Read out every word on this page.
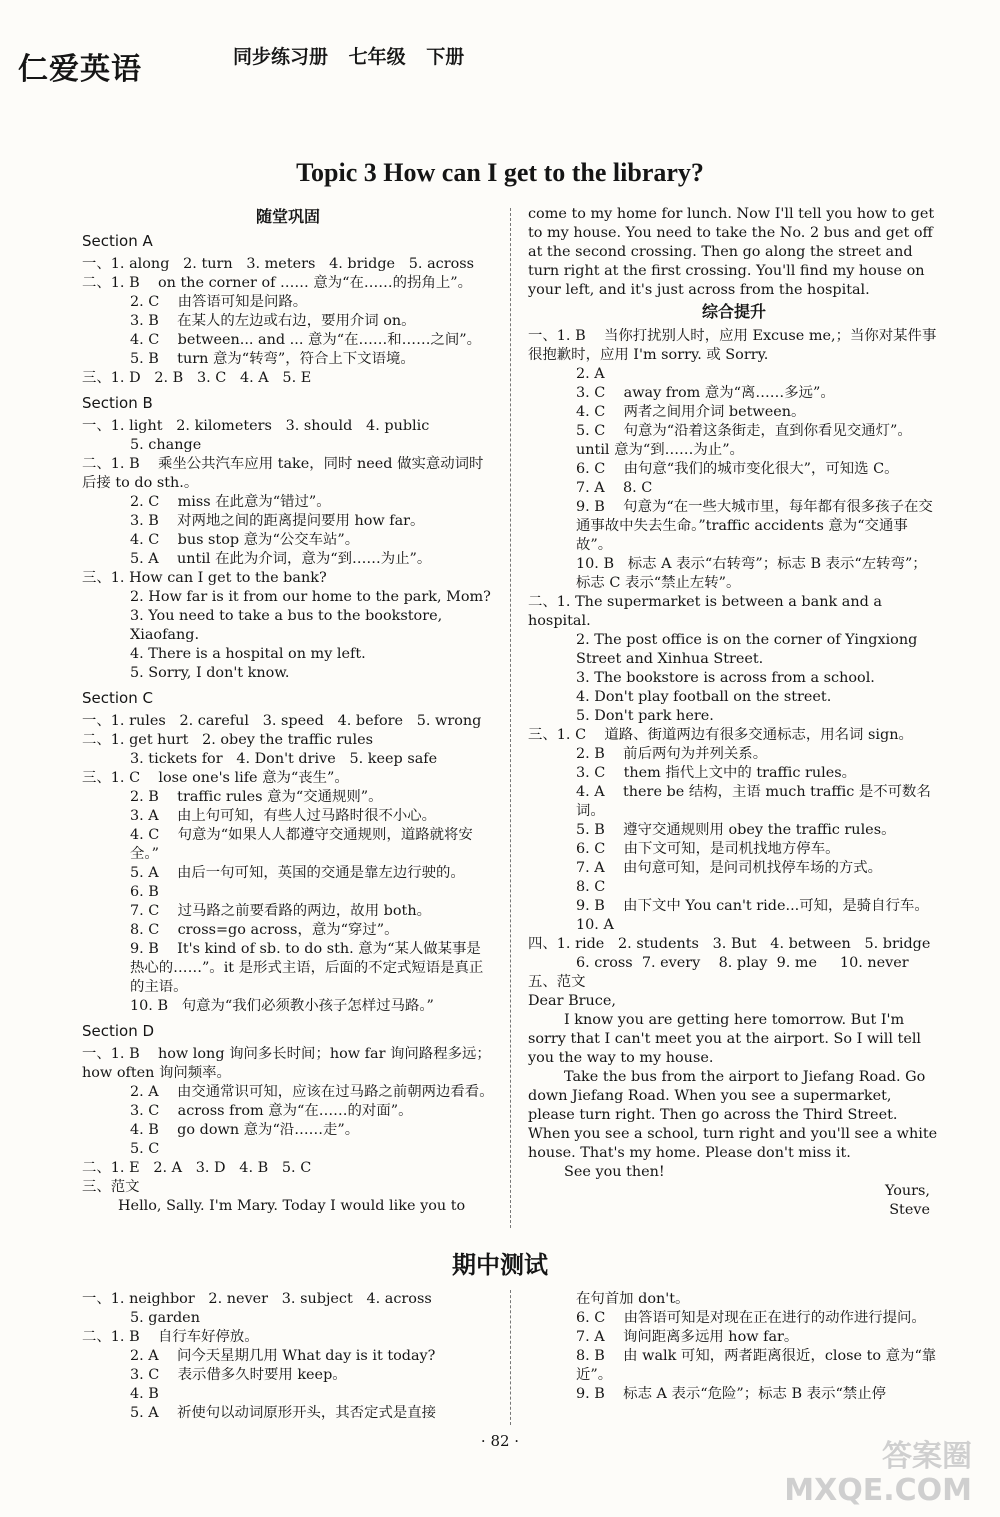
仁爱英语	同步练习册 七年级 下册
Topic 3 How can I get to the library?
随堂巩固
Section A
一、1. along   2. turn   3. meters   4. bridge   5. across
二、1. B    on the corner of …… 意为“在……的拐角上”。
2. C    由答语可知是问路。
3. B    在某人的左边或右边，要用介词 on。
4. C    between... and ... 意为“在……和……之间”。
5. B    turn 意为“转弯”，符合上下文语境。
三、1. D   2. B   3. C   4. A   5. E
Section B
一、1. light   2. kilometers   3. should   4. public
5. change
二、1. B    乘坐公共汽车应用 take，同时 need 做实意动词时后接 to do sth.。
2. C    miss 在此意为“错过”。
3. B    对两地之间的距离提问要用 how far。
4. C    bus stop 意为“公交车站”。
5. A    until 在此为介词，意为“到……为止”。
三、1. How can I get to the bank?
2. How far is it from our home to the park, Mom?
3. You need to take a bus to the bookstore, Xiaofang.
4. There is a hospital on my left.
5. Sorry, I don't know.
Section C
一、1. rules   2. careful   3. speed   4. before   5. wrong
二、1. get hurt   2. obey the traffic rules
3. tickets for   4. Don't drive   5. keep safe
三、1. C    lose one's life 意为“丧生”。
2. B    traffic rules 意为“交通规则”。
3. A    由上句可知，有些人过马路时很不小心。
4. C    句意为“如果人人都遵守交通规则，道路就将安全。”
5. A    由后一句可知，英国的交通是靠左边行驶的。
6. B
7. C    过马路之前要看路的两边，故用 both。
8. C    cross=go across，意为“穿过”。
9. B    It's kind of sb. to do sth. 意为“某人做某事是热心的……”。it 是形式主语，后面的不定式短语是真正的主语。
10. B   句意为“我们必须教小孩子怎样过马路。”
Section D
一、1. B    how long 询问多长时间；how far 询问路程多远；how often 询问频率。
2. A    由交通常识可知，应该在过马路之前朝两边看看。
3. C    across from 意为“在……的对面”。
4. B    go down 意为“沿……走”。
5. C
二、1. E   2. A   3. D   4. B   5. C
三、范文
Hello, Sally. I'm Mary. Today I would like you to
come to my home for lunch. Now I'll tell you how to get to my house. You need to take the No. 2 bus and get off at the second crossing. Then go along the street and turn right at the first crossing. You'll find my house on your left, and it's just across from the hospital.
综合提升
一、1. B    当你打扰别人时，应用 Excuse me,；当你对某件事很抱歉时，应用 I'm sorry. 或 Sorry.
2. A
3. C    away from 意为“离……多远”。
4. C    两者之间用介词 between。
5. C    句意为“沿着这条街走，直到你看见交通灯”。until 意为“到……为止”。
6. C    由句意“我们的城市变化很大”，可知选 C。
7. A    8. C
9. B    句意为“在一些大城市里，每年都有很多孩子在交通事故中失去生命。”traffic accidents 意为“交通事故”。
10. B   标志 A 表示“右转弯”；标志 B 表示“左转弯”；标志 C 表示“禁止左转”。
二、1. The supermarket is between a bank and a hospital.
2. The post office is on the corner of Yingxiong Street and Xinhua Street.
3. The bookstore is across from a school.
4. Don't play football on the street.
5. Don't park here.
三、1. C    道路、街道两边有很多交通标志，用名词 sign。
2. B    前后两句为并列关系。
3. C    them 指代上文中的 traffic rules。
4. A    there be 结构，主语 much traffic 是不可数名词。
5. B    遵守交通规则用 obey the traffic rules。
6. C    由下文可知，是司机找地方停车。
7. A    由句意可知，是问司机找停车场的方式。
8. C
9. B    由下文中 You can't ride...可知，是骑自行车。
10. A
四、1. ride   2. students   3. But   4. between   5. bridge
6. cross  7. every    8. play  9. me     10. never
五、范文
Dear Bruce,
I know you are getting here tomorrow. But I'm sorry that I can't meet you at the airport. So I will tell you the way to my house.
Take the bus from the airport to Jiefang Road. Go down Jiefang Road. When you see a supermarket, please turn right. Then go across the Third Street. When you see a school, turn right and you'll see a white house. That's my home. Please don't miss it.
See you then!
Yours,
Steve
期中测试
一、1. neighbor   2. never   3. subject   4. across
5. garden
二、1. B    自行车好停放。
2. A    问今天星期几用 What day is it today?
3. C    表示借多久时要用 keep。
4. B
5. A    祈使句以动词原形开头，其否定式是直接
在句首加 don't。
6. C    由答语可知是对现在正在进行的动作进行提问。
7. A    询问距离多远用 how far。
8. B    由 walk 可知，两者距离很近，close to 意为“靠近”。
9. B    标志 A 表示“危险”；标志 B 表示“禁止停
· 82 ·	答案圈
MXQE.COM
